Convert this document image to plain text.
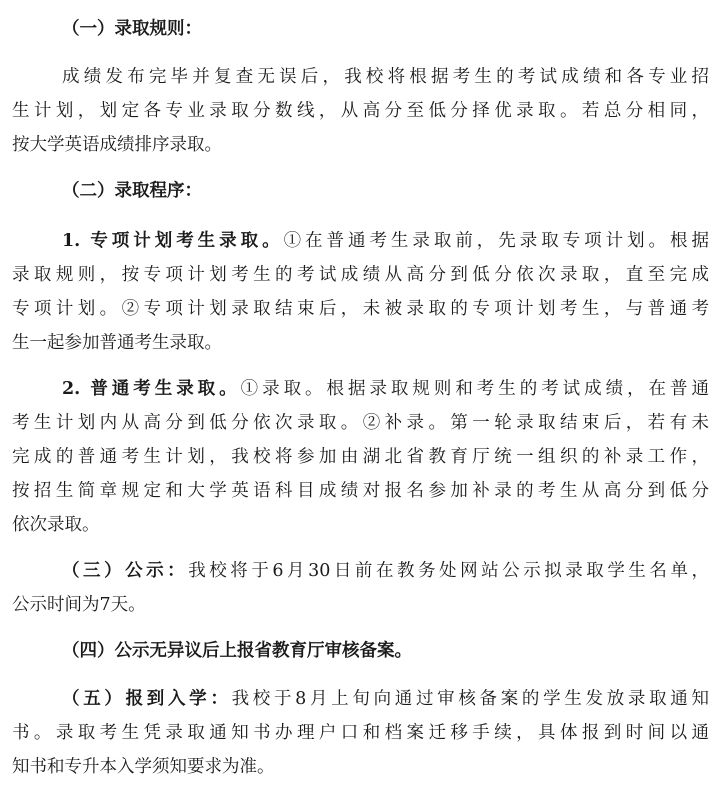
（一）录取规则：
成绩发布完毕并复查无误后，我校将根据考生的考试成绩和各专业招
生计划，划定各专业录取分数线，从高分至低分择优录取。若总分相同，
按大学英语成绩排序录取。
（二）录取程序：
1. 专项计划考生录取。①在普通考生录取前，先录取专项计划。根据
录取规则，按专项计划考生的考试成绩从高分到低分依次录取，直至完成
专项计划。②专项计划录取结束后，未被录取的专项计划考生，与普通考
生一起参加普通考生录取。
2. 普通考生录取。①录取。根据录取规则和考生的考试成绩，在普通
考生计划内从高分到低分依次录取。②补录。第一轮录取结束后，若有未
完成的普通考生计划，我校将参加由湖北省教育厅统一组织的补录工作，
按招生简章规定和大学英语科目成绩对报名参加补录的考生从高分到低分
依次录取。
（三）公示：我校将于6月30日前在教务处网站公示拟录取学生名单，
公示时间为7天。
（四）公示无异议后上报省教育厅审核备案。
（五）报到入学：我校于8月上旬向通过审核备案的学生发放录取通知
书。录取考生凭录取通知书办理户口和档案迁移手续，具体报到时间以通
知书和专升本入学须知要求为准。
